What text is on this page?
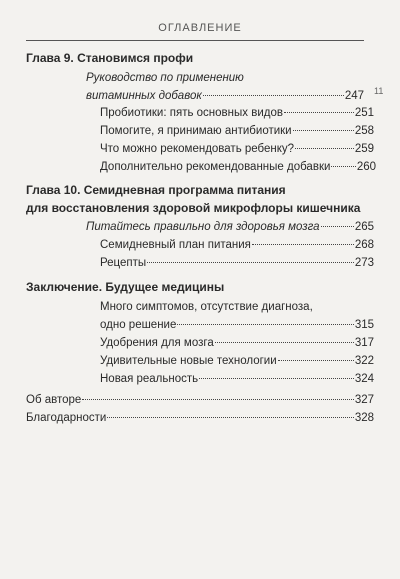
ОГЛАВЛЕНИЕ
11
Глава 9. Становимся профи
Руководство по применению
витаминных добавок	247
Пробиотики: пять основных видов	251
Помогите, я принимаю антибиотики	258
Что можно рекомендовать ребенку?	259
Дополнительно рекомендованные добавки 260
Глава 10. Семидневная программа питания
для восстановления здоровой микрофлоры кишечника
Питайтесь правильно для здоровья мозга	265
Семидневный план питания	268
Рецепты	273
Заключение. Будущее медицины
Много симптомов, отсутствие диагноза,
одно решение	315
Удобрения для мозга	317
Удивительные новые технологии	322
Новая реальность	324
Об авторе	327
Благодарности	328
